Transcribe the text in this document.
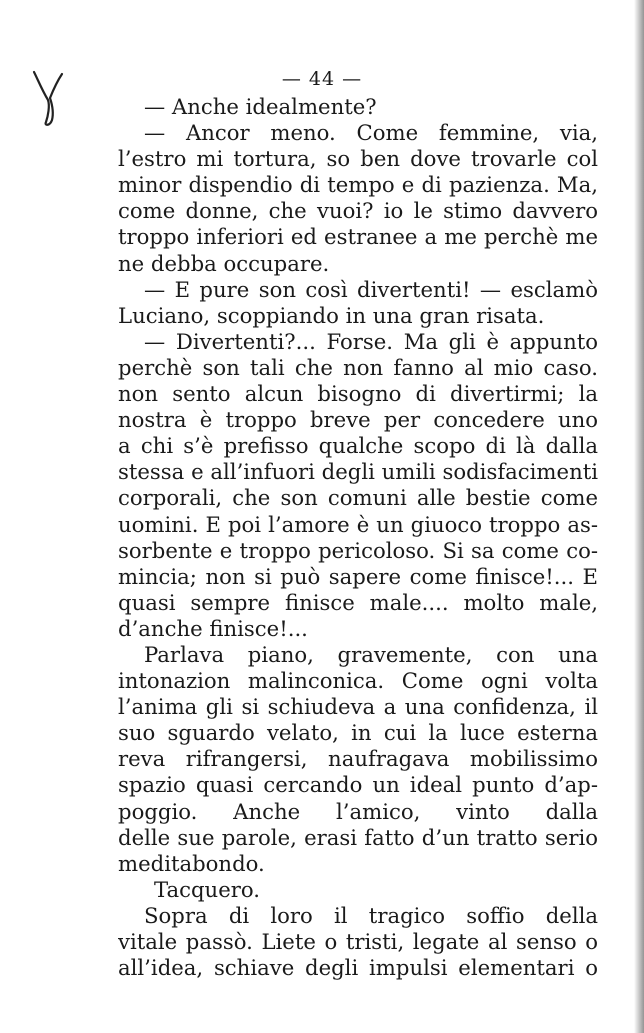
— 44 —
— Anche idealmente?
— Ancor meno. Come femmine, via,
l’estro mi tortura, so ben dove trovarle col
minor dispendio di tempo e di pazienza. Ma,
come donne, che vuoi? io le stimo davvero
troppo inferiori ed estranee a me perchè me
ne debba occupare.
— E pure son così divertenti! — esclamò
Luciano, scoppiando in una gran risata.
— Divertenti?... Forse. Ma gli è appunto
perchè son tali che non fanno al mio caso.
non sento alcun bisogno di divertirmi; la
nostra è troppo breve per concedere uno
a chi s’è prefisso qualche scopo di là dalla
stessa e all’infuori degli umili sodisfacimenti
corporali, che son comuni alle bestie come
uomini. E poi l’amore è un giuoco troppo as-
sorbente e troppo pericoloso. Si sa come co-
mincia; non si può sapere come finisce!... E
quasi sempre finisce male.... molto male,
d’anche finisce!...
Parlava piano, gravemente, con una
intonazion malinconica. Come ogni volta
l’anima gli si schiudeva a una confidenza, il
suo sguardo velato, in cui la luce esterna
reva rifrangersi, naufragava mobilissimo
spazio quasi cercando un ideal punto d’ap-
poggio. Anche l’amico, vinto dalla
delle sue parole, erasi fatto d’un tratto serio
meditabondo.
Tacquero.
Sopra di loro il tragico soffio della
vitale passò. Liete o tristi, legate al senso o
all’idea, schiave degli impulsi elementari o
